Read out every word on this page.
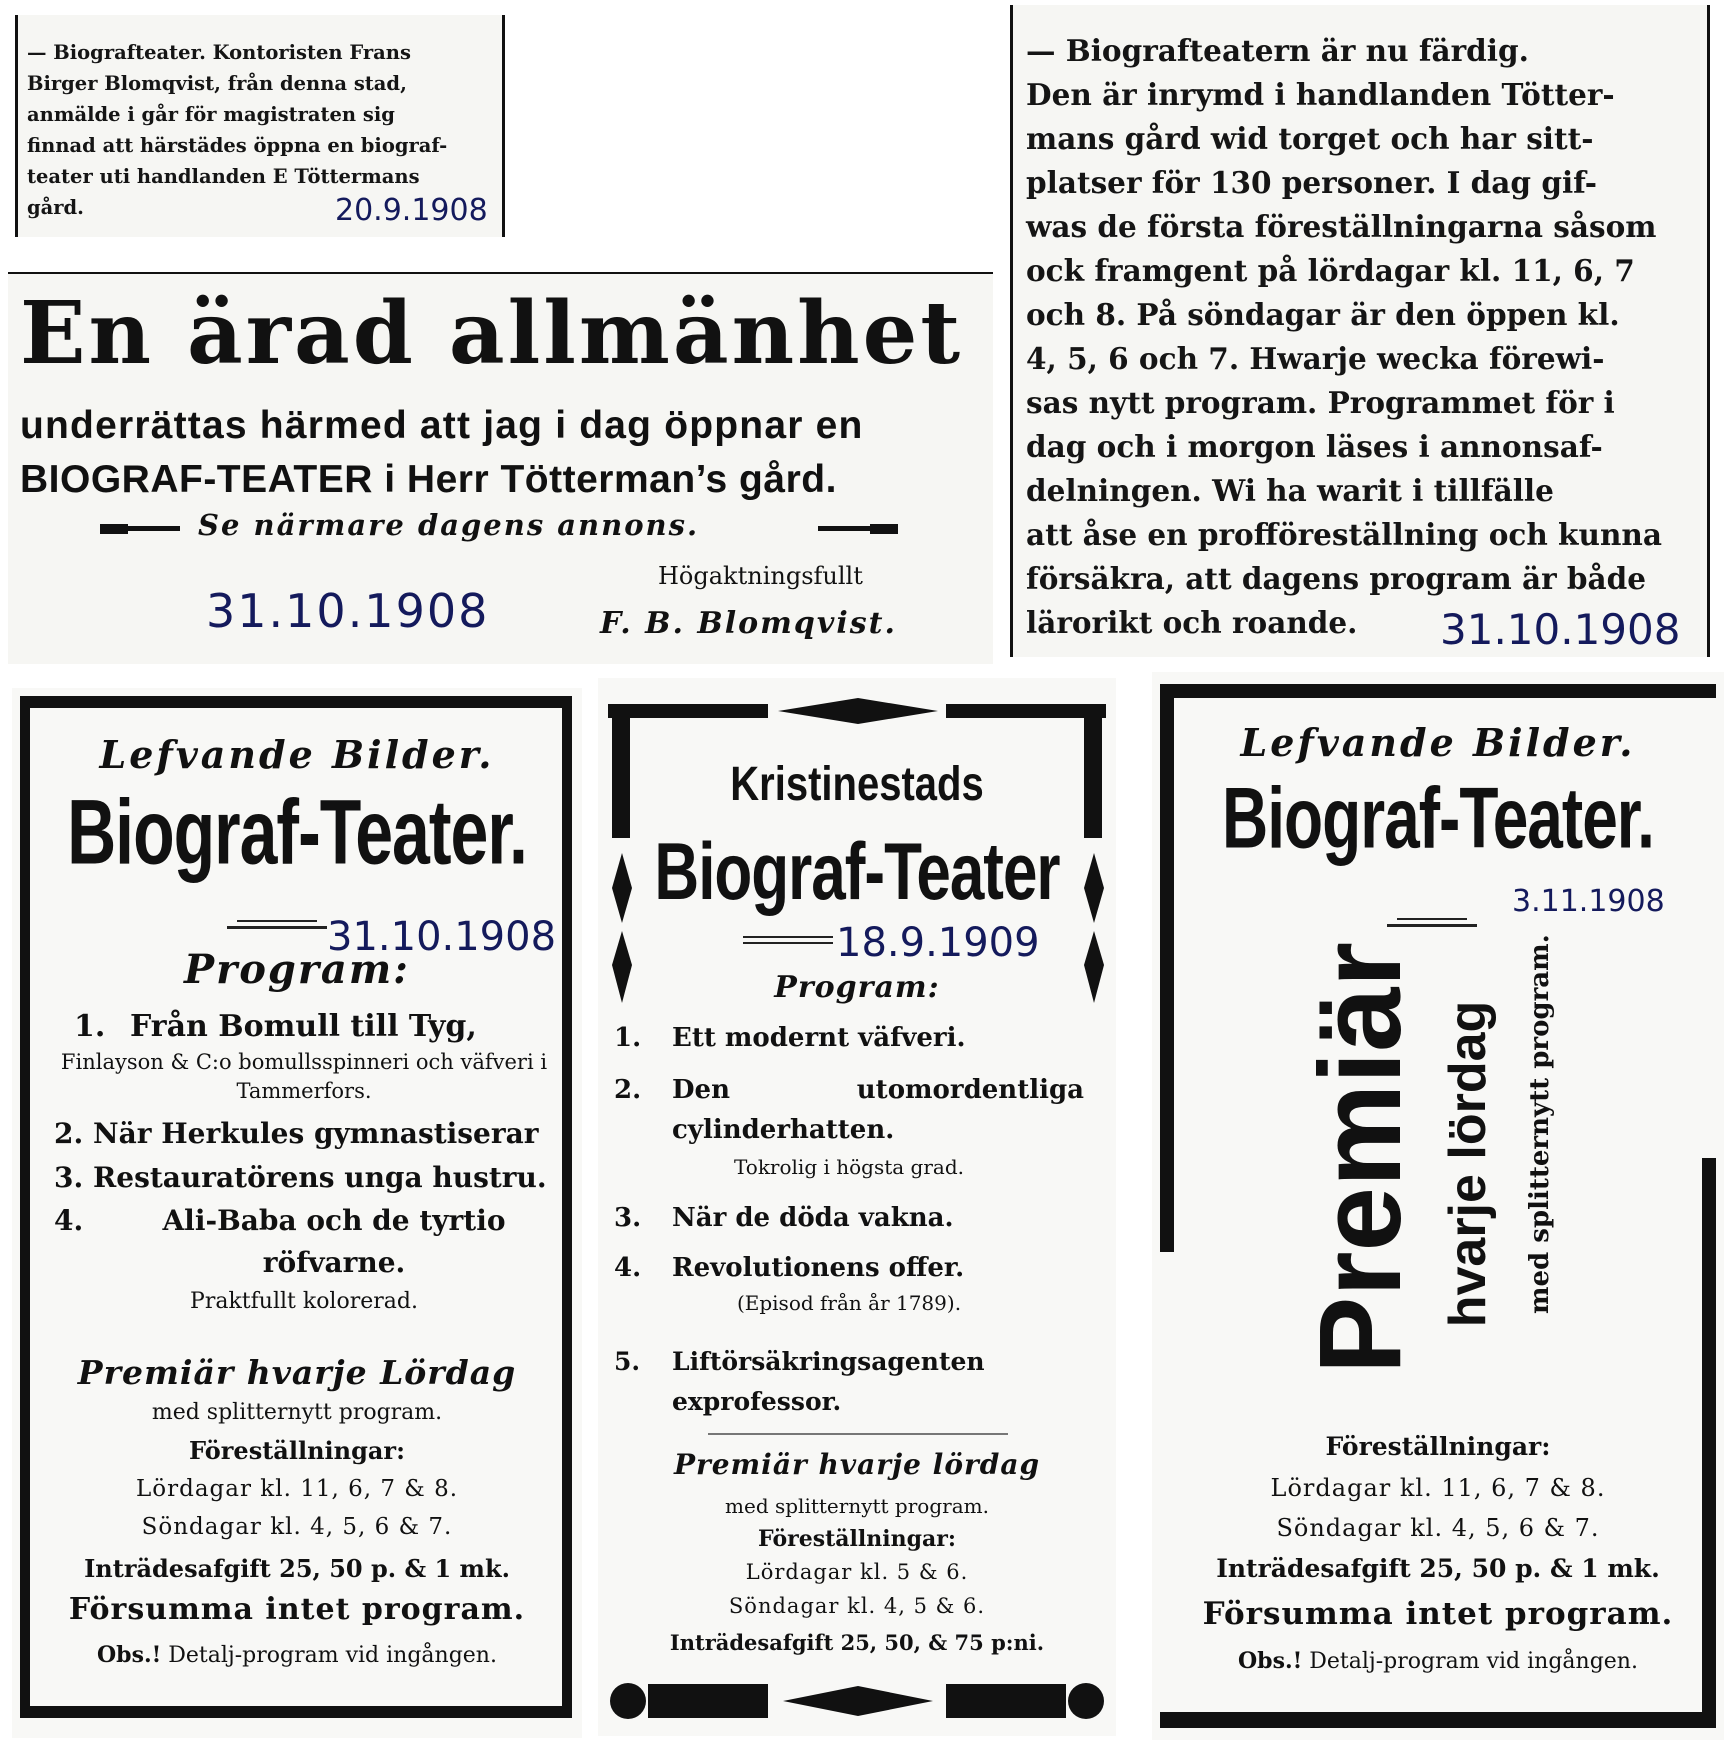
— Biografteater. Kontoristen Frans
Birger Blomqvist, från denna stad,
anmälde i går för magistraten sig
finnad att härstädes öppna en biograf-
teater uti handlanden E Töttermans
gård.	20.9.1908
En ärad allmänhet
underrättas härmed att jag i dag öppnar en
BIOGRAF-TEATER i Herr Tötterman’s gård.
Se närmare dagens annons.
Högaktningsfullt
F. B. Blomqvist.
31.10.1908
— Biografteatern är nu färdig.
Den är inrymd i handlanden Tötter-
mans gård wid torget och har sitt-
platser för 130 personer. I dag gif-
was de första föreställningarna såsom
ock framgent på lördagar kl. 11, 6, 7
och 8. På söndagar är den öppen kl.
4, 5, 6 och 7. Hwarje wecka förewi-
sas nytt program. Programmet för i
dag och i morgon läses i annonsaf-
delningen. Wi ha warit i tillfälle
att åse en profföreställning och kunna
försäkra, att dagens program är både
lärorikt och roande.	31.10.1908
Lefvande Bilder.
Biograf-Teater.
31.10.1908
Program:
1. Från Bomull till Tyg,
Finlayson & C:o bomullsspinneri och väfveri i Tammerfors.
2. När Herkules gymnastiserar
3. Restauratörens unga hustru.
4.	Ali-Baba och de tyrtio röfvarne.
Praktfullt kolorerad.
Premiär hvarje Lördag
med splitternytt program.
Föreställningar:
Lördagar kl. 11, 6, 7 & 8.
Söndagar kl. 4, 5, 6 & 7.
Inträdesafgift 25, 50 p. & 1 mk.
Försumma intet program.
Obs.! Detalj-program vid ingången.
Kristinestads
Biograf-Teater
18.9.1909
Program:
1.	Ett modernt väfveri.
2.	Den utomordentliga cylinderhatten.
Tokrolig i högsta grad.
3.	När de döda vakna.
4.	Revolutionens offer.
(Episod från år 1789).
5.	Liftörsäkringsagenten exprofessor.
Premiär hvarje lördag
med splitternytt program.
Föreställningar:
Lördagar kl. 5 & 6.
Söndagar kl. 4, 5 & 6.
Inträdesafgift 25, 50, & 75 p:ni.
Lefvande Bilder.
Biograf-Teater.
3.11.1908
Premiär hvarje lördag med splitternytt program.
Föreställningar:
Lördagar kl. 11, 6, 7 & 8.
Söndagar kl. 4, 5, 6 & 7.
Inträdesafgift 25, 50 p. & 1 mk.
Försumma intet program.
Obs.! Detalj-program vid ingången.
